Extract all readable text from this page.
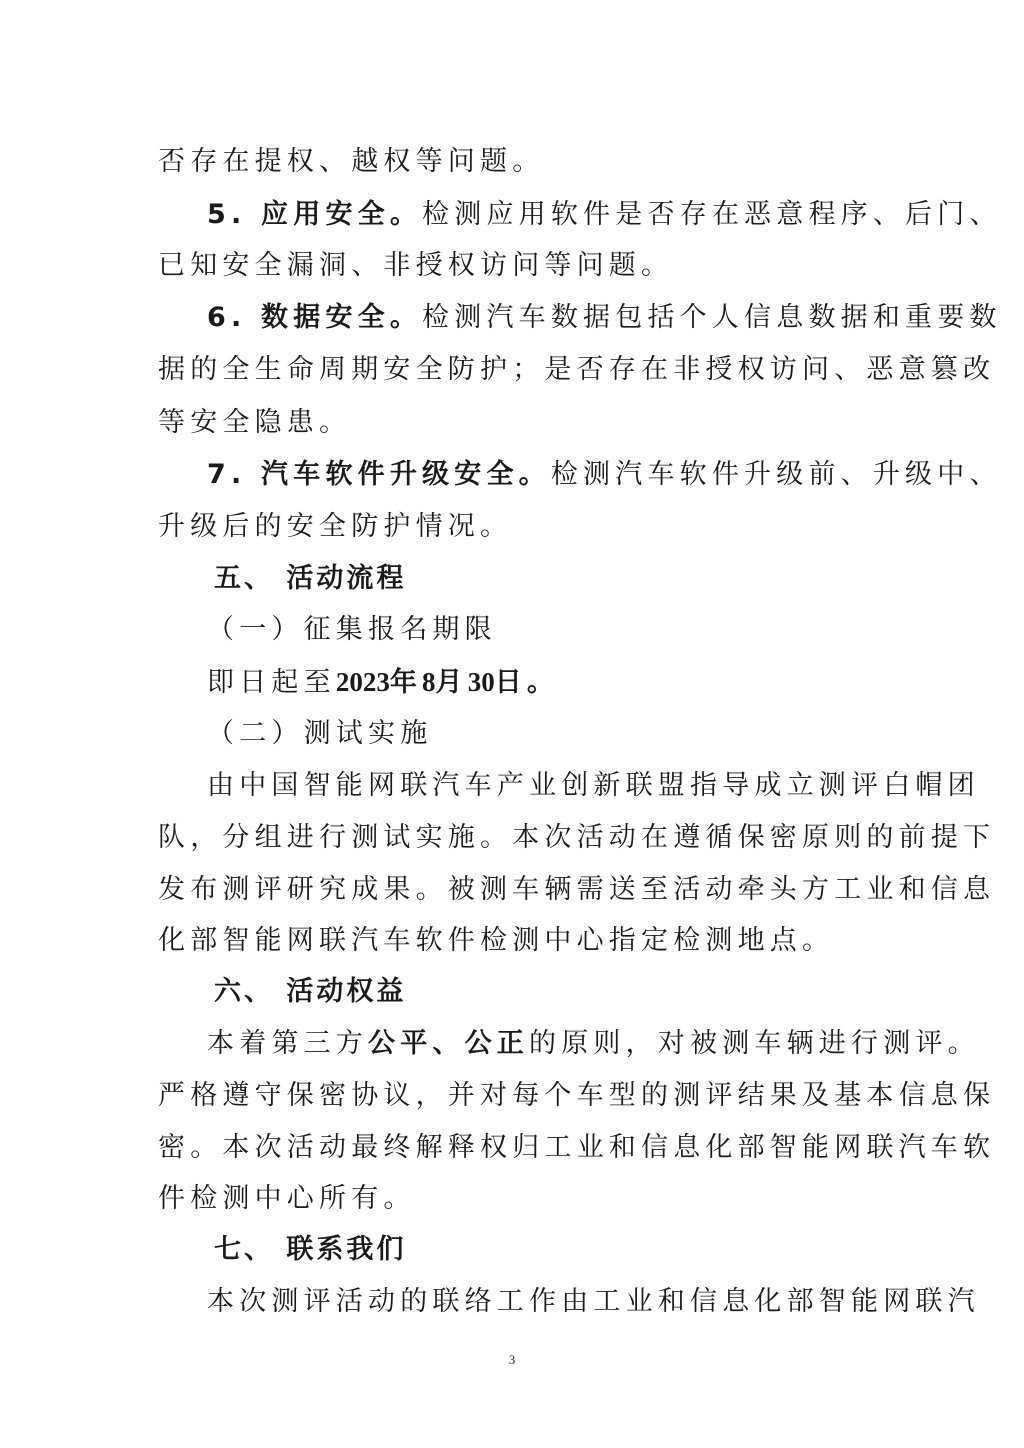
否存在提权、越权等问题。
5. 应用安全。检测应用软件是否存在恶意程序、后门、
已知安全漏洞、非授权访问等问题。
6. 数据安全。检测汽车数据包括个人信息数据和重要数
据的全生命周期安全防护；是否存在非授权访问、恶意篡改
等安全隐患。
7. 汽车软件升级安全。检测汽车软件升级前、升级中、
升级后的安全防护情况。
五、 活动流程
（一）征集报名期限
即日起至2023年8月30日。
（二）测试实施
由中国智能网联汽车产业创新联盟指导成立测评白帽团
队，分组进行测试实施。本次活动在遵循保密原则的前提下
发布测评研究成果。被测车辆需送至活动牵头方工业和信息
化部智能网联汽车软件检测中心指定检测地点。
六、 活动权益
本着第三方公平、公正的原则，对被测车辆进行测评。
严格遵守保密协议，并对每个车型的测评结果及基本信息保
密。本次活动最终解释权归工业和信息化部智能网联汽车软
件检测中心所有。
七、 联系我们
本次测评活动的联络工作由工业和信息化部智能网联汽
3
